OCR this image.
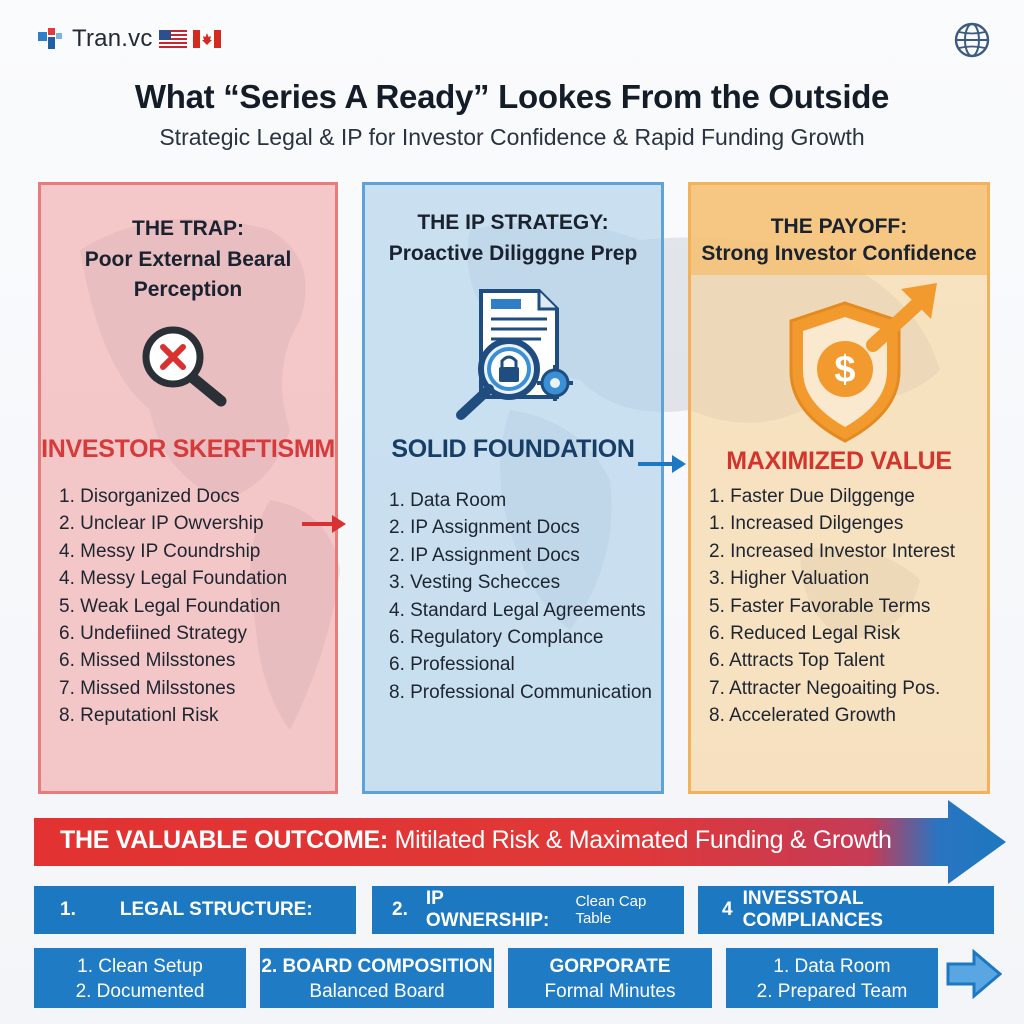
Tran.vc
What “Series A Ready” Lookes From the Outside
Strategic Legal & IP for Investor Confidence & Rapid Funding Growth
THE TRAP:
Poor External Bearal
Perception
INVESTOR SKERFTISMM
1. Disorganized Docs
2. Unclear IP Owvership
4. Messy IP Coundrship
4. Messy Legal Foundation
5. Weak Legal Foundation
6. Undefiined Strategy
6. Missed Milsstones
7. Missed Milsstones
8. Reputationl Risk
THE IP STRATEGY:
Proactive Diligggne Prep
SOLID FOUNDATION
1. Data Room
2. IP Assignment Docs
2. IP Assignment Docs
3. Vesting Schecces
4. Standard Legal Agreements
6. Regulatory Complance
6. Professional
8. Professional Communication
THE PAYOFF:
Strong Investor Confidence
$
MAXIMIZED VALUE
1. Faster Due Dilggenge
1. Increased Dilgenges
2. Increased Investor Interest
3. Higher Valuation
5. Faster Favorable Terms
6. Reduced Legal Risk
6. Attracts Top Talent
7. Attracter Negoaiting Pos.
8. Accelerated Growth
THE VALUABLE OUTCOME: Mitilated Risk & Maximated Funding & Growth
1. LEGAL STRUCTURE:	2.
IP OWNERSHIP:
Clean Cap Table	4
INVESSTOAL COMPLIANCES
1. Clean Setup
2. Documented
2. BOARD COMPOSITION
Balanced Board
GORPORATE
Formal Minutes
1. Data Room
2. Prepared Team
